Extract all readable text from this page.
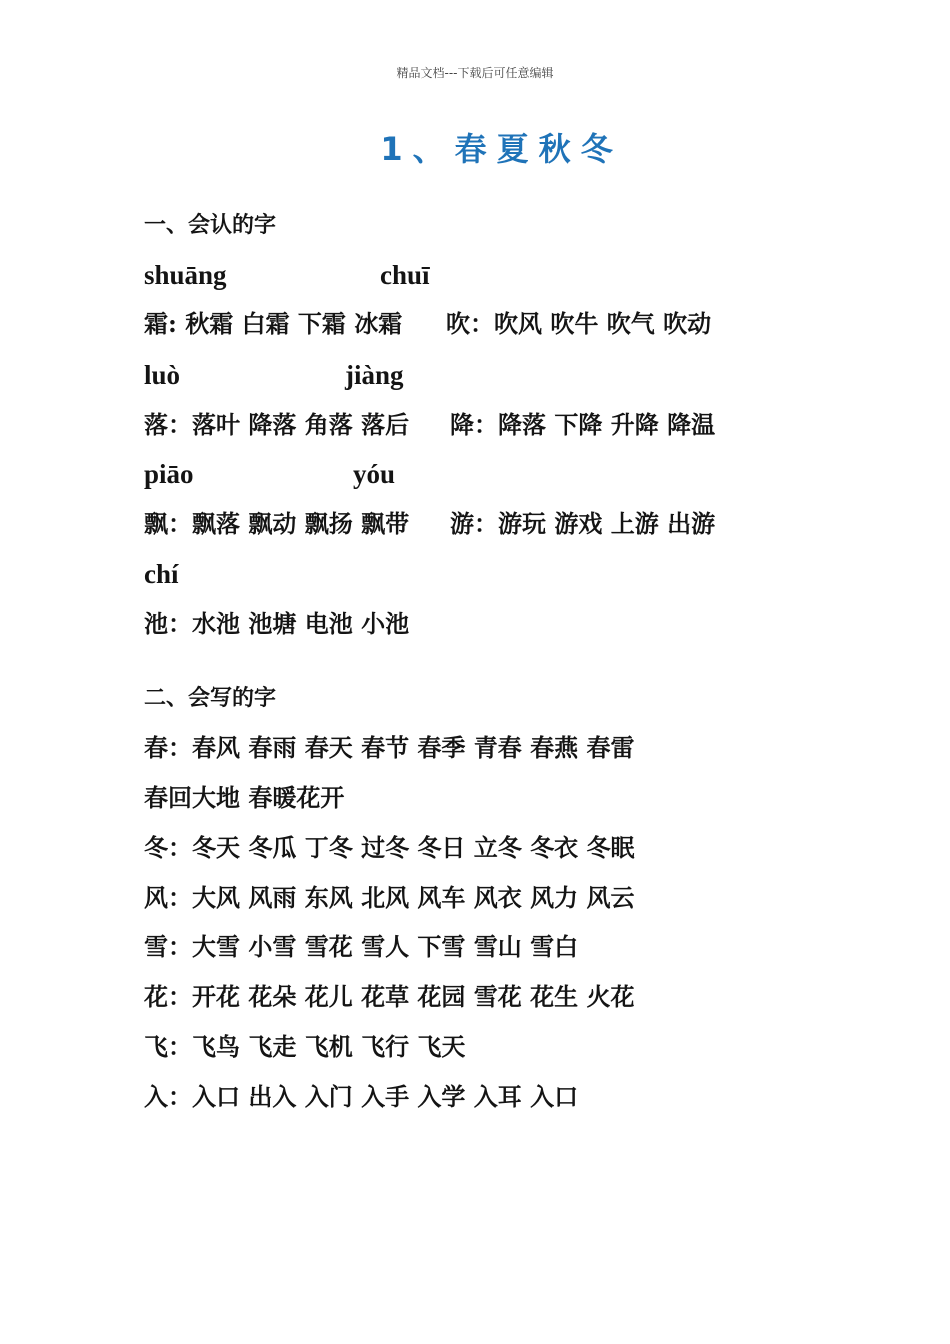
精品文档---下载后可任意编辑
1、春夏秋冬
一、会认的字
shuāng	chuī
霜: 秋霜 白霜 下霜 冰霜 吹：吹风 吹牛 吹气 吹动
luò	jiàng
落：落叶 降落 角落 落后 降：降落 下降 升降 降温
piāo	yóu
飘：飘落 飘动 飘扬 飘带 游：游玩 游戏 上游 出游
chí
池：水池 池塘 电池 小池
二、会写的字
春：春风 春雨 春天 春节 春季 青春 春燕 春雷
春回大地 春暖花开
冬：冬天 冬瓜 丁冬 过冬 冬日 立冬 冬衣 冬眠
风：大风 风雨 东风 北风 风车 风衣 风力 风云
雪：大雪 小雪 雪花 雪人 下雪 雪山 雪白
花：开花 花朵 花儿 花草 花园 雪花 花生 火花
飞：飞鸟 飞走 飞机 飞行 飞天
入：入口 出入 入门 入手 入学 入耳 入口
